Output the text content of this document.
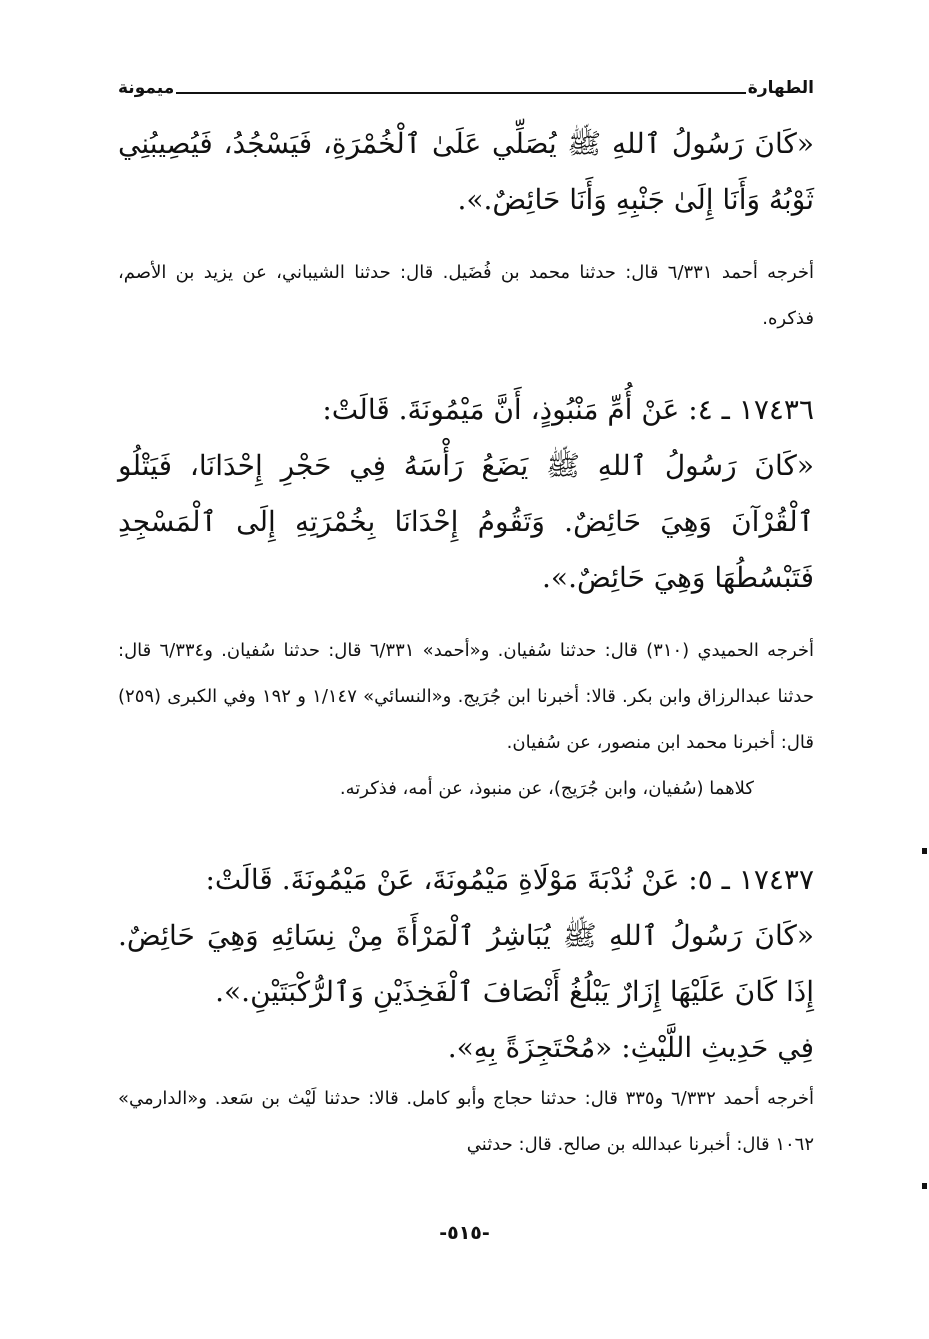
الطهارة
ميمونة

«كَانَ رَسُولُ ٱللهِ ﷺ يُصَلِّي عَلَىٰ ٱلْخُمْرَةِ، فَيَسْجُدُ، فَيُصِيبُنِي ثَوْبُهُ وَأَنَا إِلَىٰ جَنْبِهِ وَأَنَا حَائِضٌ.».

أخرجه أحمد ٦/٣٣١ قال: حدثنا محمد بن فُضَيل. قال: حدثنا الشيباني، عن يزيد بن الأصم، فذكره.

١٧٤٣٦ ـ ٤: عَنْ أُمِّ مَنْبُوذٍ، أَنَّ مَيْمُونَةَ. قَالَتْ:

«كَانَ رَسُولُ ٱللهِ ﷺ يَضَعُ رَأْسَهُ فِي حَجْرِ إِحْدَانَا، فَيَتْلُو ٱلْقُرْآنَ وَهِيَ حَائِضٌ. وَتَقُومُ إِحْدَانَا بِخُمْرَتِهِ إِلَى ٱلْمَسْجِدِ فَتَبْسُطُهَا وَهِيَ حَائِضٌ.».

أخرجه الحميدي (٣١٠) قال: حدثنا سُفيان. و«أحمد» ٦/٣٣١ قال: حدثنا سُفيان. و٦/٣٣٤ قال: حدثنا عبدالرزاق وابن بكر. قالا: أخبرنا ابن جُرَيج. و«النسائي» ١/١٤٧ و ١٩٢ وفي الكبرى (٢٥٩) قال: أخبرنا محمد ابن منصور، عن سُفيان.

كلاهما (سُفيان، وابن جُرَيج)، عن منبوذ، عن أمه، فذكرته.

١٧٤٣٧ ـ ٥: عَنْ نُدْبَةَ مَوْلَاةِ مَيْمُونَةَ، عَنْ مَيْمُونَةَ. قَالَتْ:

«كَانَ رَسُولُ ٱللهِ ﷺ يُبَاشِرُ ٱلْمَرْأَةَ مِنْ نِسَائِهِ وَهِيَ حَائِضٌ. إِذَا كَانَ عَلَيْهَا إِزَارٌ يَبْلُغُ أَنْصَافَ ٱلْفَخِذَيْنِ وَٱلرُّكْبَتَيْنِ.».

فِي حَدِيثِ اللَّيْثِ: «مُحْتَجِزَةً بِهِ».

أخرجه أحمد ٦/٣٣٢ و٣٣٥ قال: حدثنا حجاج وأبو كامل. قالا: حدثنا لَيْث بن سَعد. و«الدارمي» ١٠٦٢ قال: أخبرنا عبدالله بن صالح. قال: حدثني

-٥١٥-
